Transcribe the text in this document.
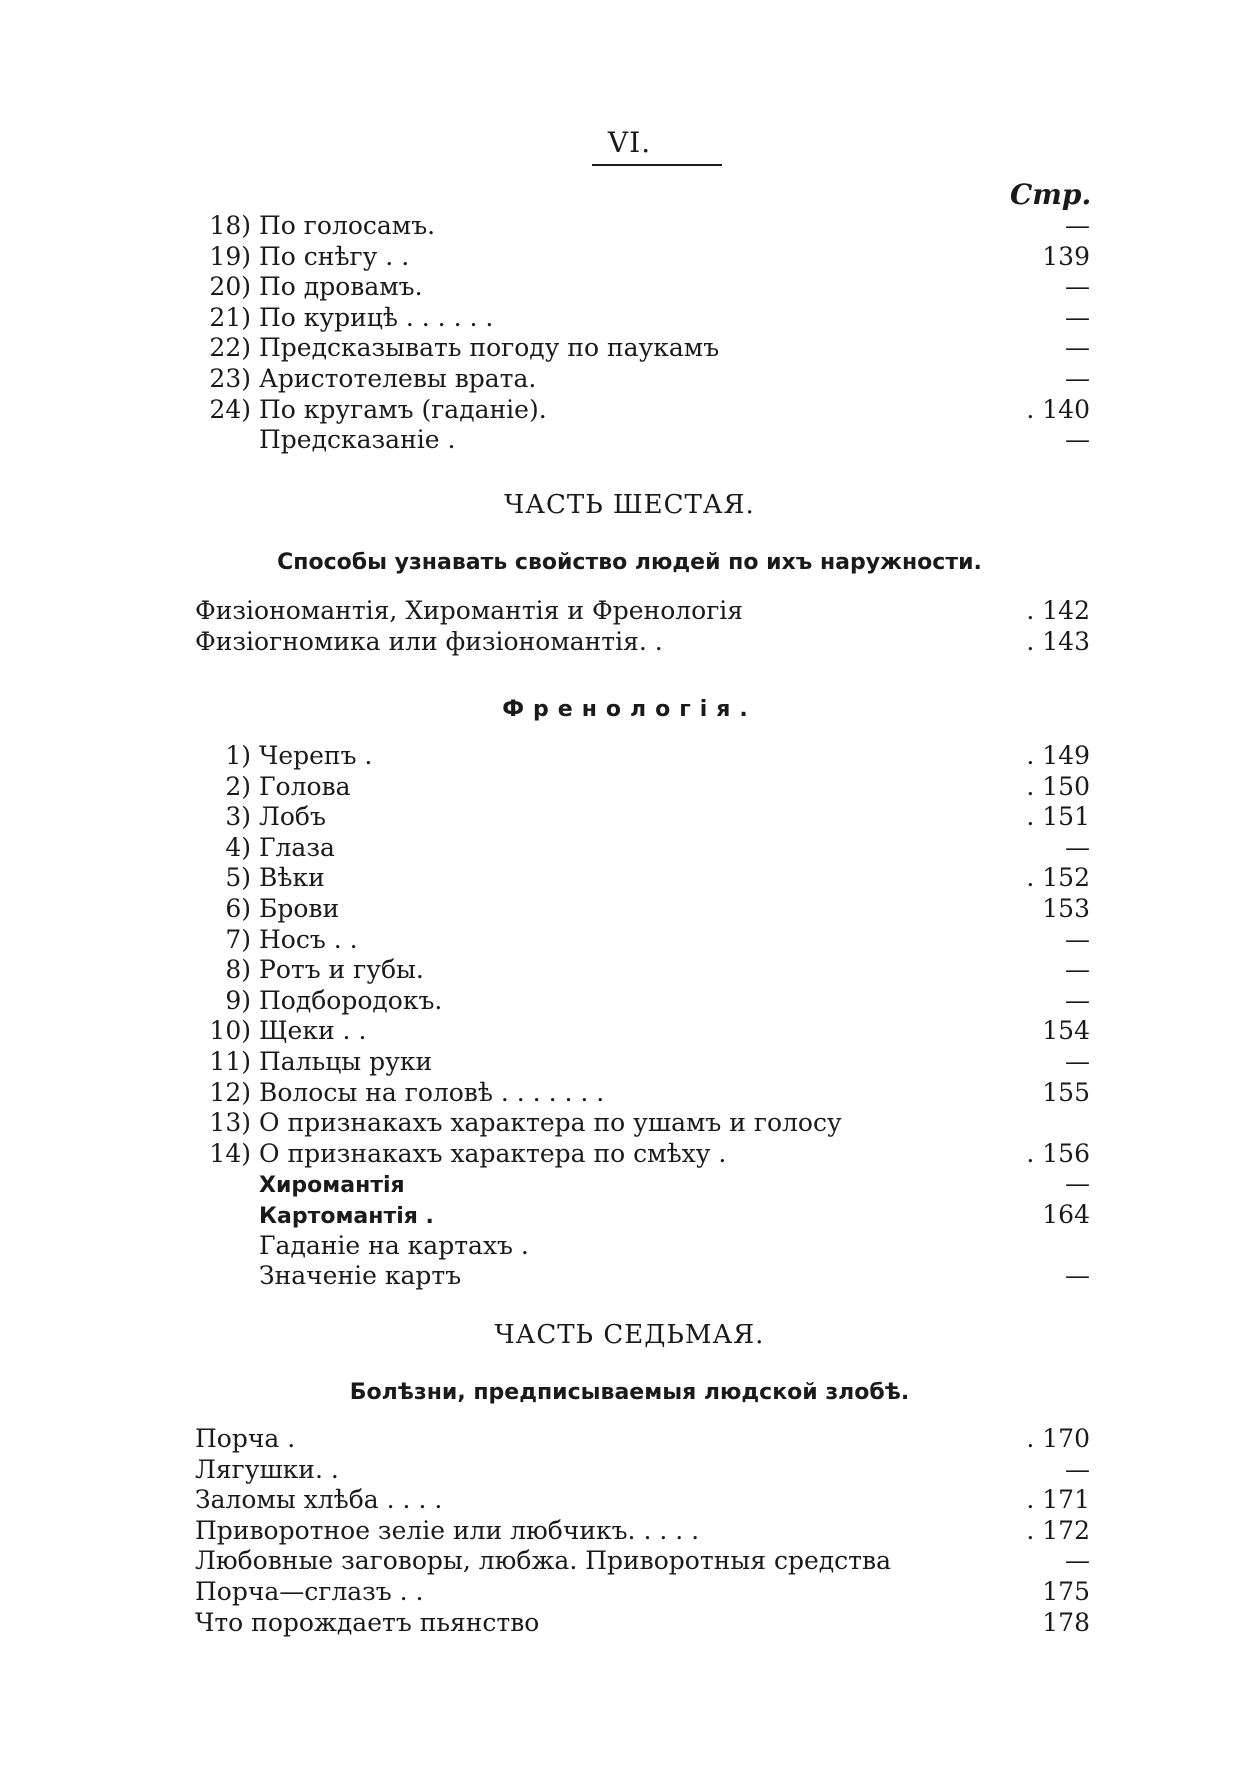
VI.
Стр.
18) По голосамъ.	—
19) По снѣгу . .	139
20) По дровамъ.	—
21) По курицѣ . . . . . .	—
22) Предсказывать погоду по паукамъ	—
23) Аристотелевы врата.	—
24) По кругамъ (гаданіе).	. 140
Предсказаніе .	—
ЧАСТЬ ШЕСТАЯ.
Способы узнавать свойство людей по ихъ наружности.
Физіономантія, Хиромантія и Френологія	. 142
Физіогномика или физіономантія. .	. 143
Френологія.
1) Черепъ .	. 149
2) Голова	. 150
3) Лобъ	. 151
4) Глаза	—
5) Вѣки	. 152
6) Брови	153
7) Носъ . .	—
8) Ротъ и губы.	—
9) Подбородокъ.	—
10) Щеки . .	154
11) Пальцы руки	—
12) Волосы на головѣ . . . . . . .	155
13) О признакахъ характера по ушамъ и голосу
14) О признакахъ характера по смѣху .	. 156
Хиромантія	—
Картомантія .	164
Гаданіе на картахъ .
Значеніе картъ	—
ЧАСТЬ СЕДЬМАЯ.
Болѣзни, предписываемыя людской злобѣ.
Порча .	. 170
Лягушки. .	—
Заломы хлѣба . . . .	. 171
Приворотное зеліе или любчикъ. . . . .	. 172
Любовные заговоры, любжа. Приворотныя средства	—
Порча—сглазъ . .	175
Что порождаетъ пьянство	178
